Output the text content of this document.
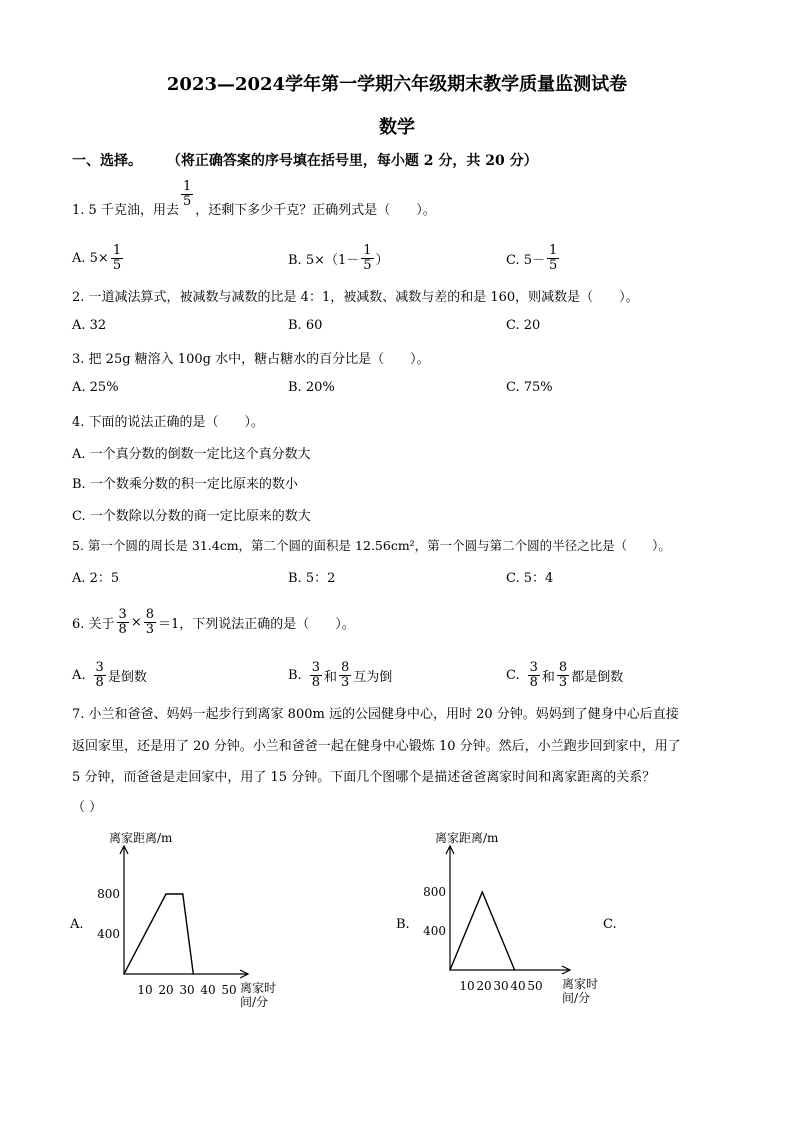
2023—2024学年第一学期六年级期末教学质量监测试卷
数学
一、选择。 （将正确答案的序号填在括号里，每小题 2 分，共 20 分）
1. 5 千克油，用去
$\frac{1}{5}$
，还剩下多少千克？正确列式是（　　）。
A. $5\times \frac{1}{5}$	B. $5\times(1- \frac{1}{5}$ ）	C. $5- \frac{1}{5}$
2. 一道减法算式，被减数与减数的比是 4：1，被减数、减数与差的和是 160，则减数是（　　）。
A. 32	B. 60	C. 20
3. 把 25g 糖溶入 100g 水中，糖占糖水的百分比是（　　）。
A. 25%	B. 20%	C. 75%
4. 下面的说法正确的是（　　）。
A. 一个真分数的倒数一定比这个真分数大
B. 一个数乘分数的积一定比原来的数小
C. 一个数除以分数的商一定比原来的数大
5. 第一个圆的周长是 31.4cm，第二个圆的面积是 12.56cm²，第一个圆与第二个圆的半径之比是（　　）。
A. 2：5	B. 5：2	C. 5：4
6. 关于 $\frac{3}{8} \times \frac{8}{3} =1$，下列说法正确的是（　　）。
A. $\frac{3}{8}$ 是倒数	B. $\frac{3}{8}$ 和 $\frac{8}{3}$ 互为倒	C. $\frac{3}{8}$ 和 $\frac{8}{3}$ 都是倒数
7. 小兰和爸爸、妈妈一起步行到离家 800m 远的公园健身中心，用时 20 分钟。妈妈到了健身中心后直接
返回家里，还是用了 20 分钟。小兰和爸爸一起在健身中心锻炼 10 分钟。然后，小兰跑步回到家中，用了
5 分钟，而爸爸是走回家中，用了 15 分钟。下面几个图哪个是描述爸爸离家时间和离家距离的关系？
（ ）
A.	B.	C.
离家距离/m
400
800
10 20 30 40 50 离家时
间/分
离家距离/m
400
800
10 20 30 40 50 离家时
间/分
